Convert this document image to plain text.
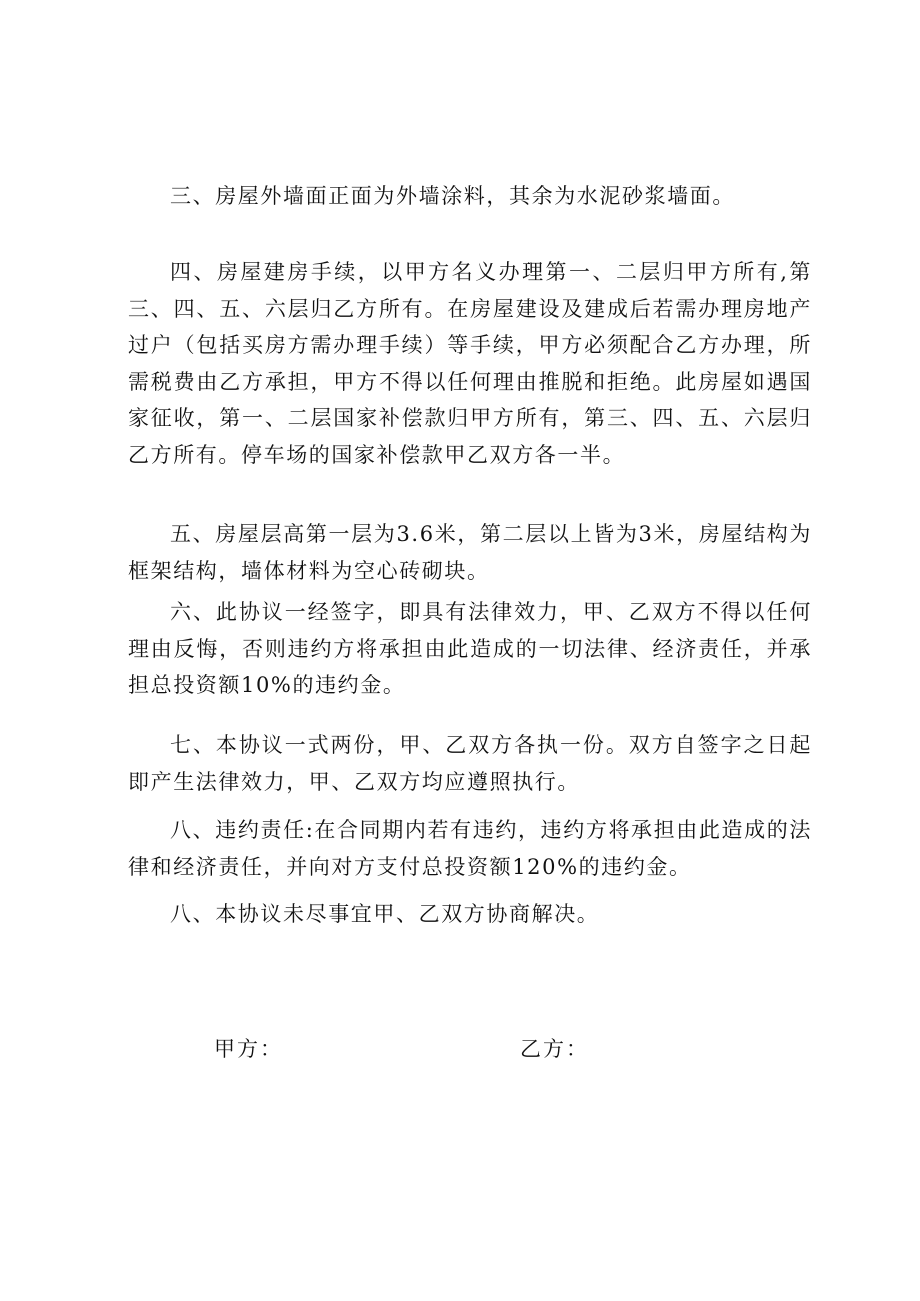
三、房屋外墙面正面为外墙涂料，其余为水泥砂浆墙面。

四、房屋建房手续，以甲方名义办理第一、二层归甲方所有,第三、四、五、六层归乙方所有。在房屋建设及建成后若需办理房地产过户（包括买房方需办理手续）等手续，甲方必须配合乙方办理，所需税费由乙方承担，甲方不得以任何理由推脱和拒绝。此房屋如遇国家征收，第一、二层国家补偿款归甲方所有，第三、四、五、六层归乙方所有。停车场的国家补偿款甲乙双方各一半。

五、房屋层高第一层为3.6米，第二层以上皆为3米，房屋结构为框架结构，墙体材料为空心砖砌块。

六、此协议一经签字，即具有法律效力，甲、乙双方不得以任何理由反悔，否则违约方将承担由此造成的一切法律、经济责任，并承担总投资额10%的违约金。

七、本协议一式两份，甲、乙双方各执一份。双方自签字之日起即产生法律效力，甲、乙双方均应遵照执行。

八、违约责任:在合同期内若有违约，违约方将承担由此造成的法律和经济责任，并向对方支付总投资额120%的违约金。

八、本协议未尽事宜甲、乙双方协商解决。

甲方：	乙方：
